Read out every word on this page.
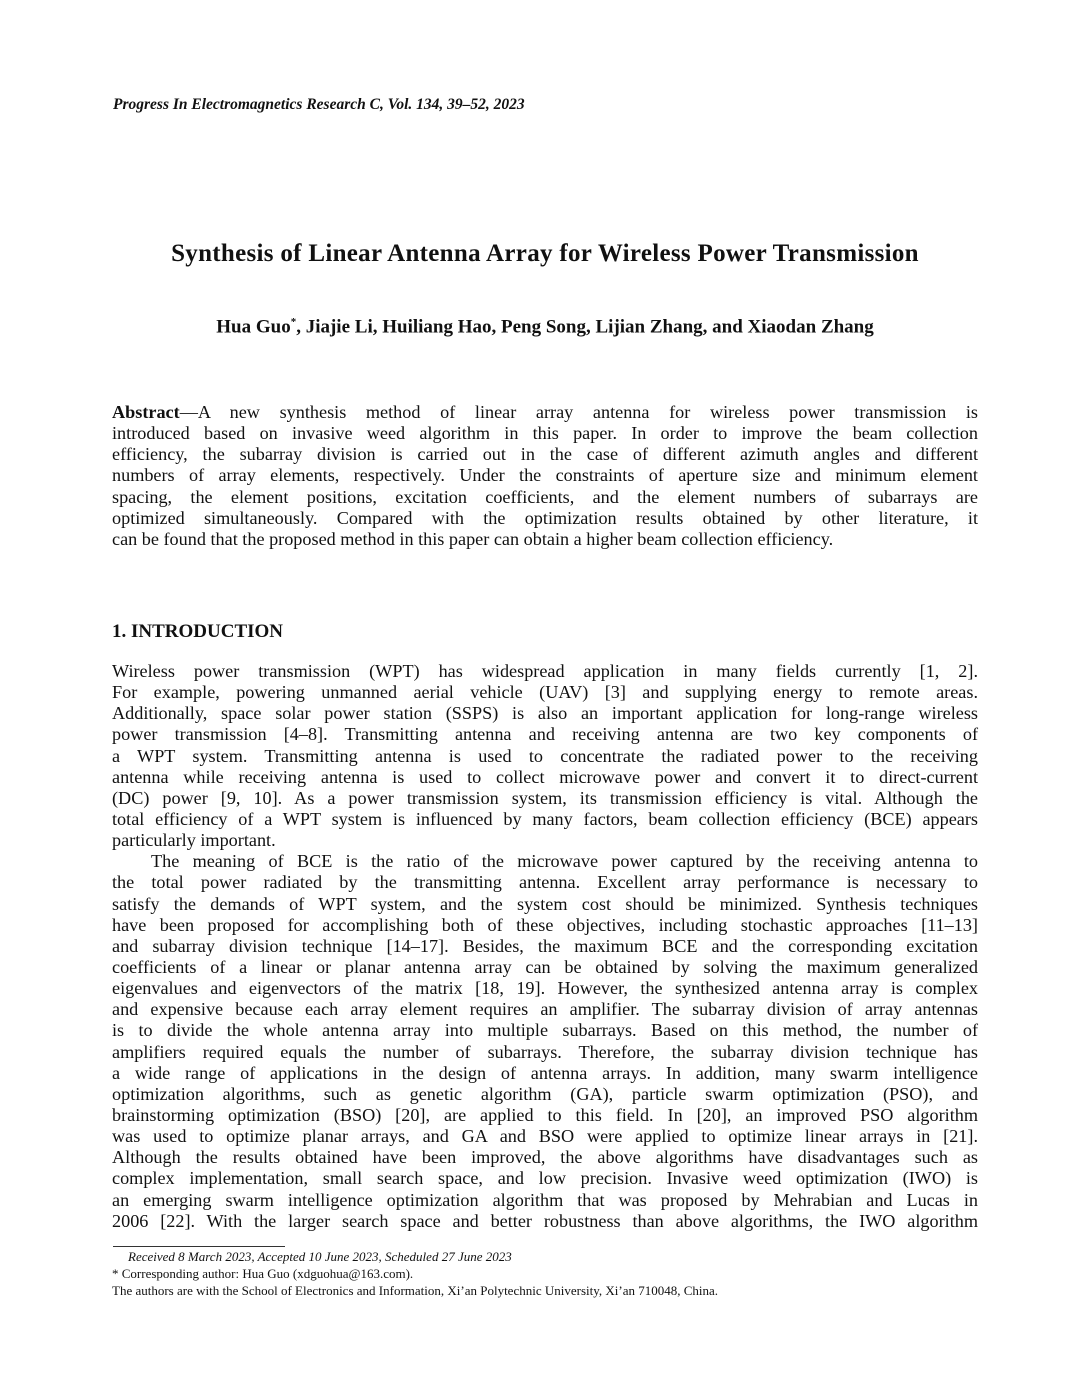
Progress In Electromagnetics Research C, Vol. 134, 39–52, 2023
Synthesis of Linear Antenna Array for Wireless Power Transmission
Hua Guo*, Jiajie Li, Huiliang Hao, Peng Song, Lijian Zhang, and Xiaodan Zhang
Abstract—A new synthesis method of linear array antenna for wireless power transmission is
introduced based on invasive weed algorithm in this paper. In order to improve the beam collection
efficiency, the subarray division is carried out in the case of different azimuth angles and different
numbers of array elements, respectively. Under the constraints of aperture size and minimum element
spacing, the element positions, excitation coefficients, and the element numbers of subarrays are
optimized simultaneously. Compared with the optimization results obtained by other literature, it
can be found that the proposed method in this paper can obtain a higher beam collection efficiency.
1. INTRODUCTION
Wireless power transmission (WPT) has widespread application in many fields currently [1, 2].
For example, powering unmanned aerial vehicle (UAV) [3] and supplying energy to remote areas.
Additionally, space solar power station (SSPS) is also an important application for long-range wireless
power transmission [4–8]. Transmitting antenna and receiving antenna are two key components of
a WPT system. Transmitting antenna is used to concentrate the radiated power to the receiving
antenna while receiving antenna is used to collect microwave power and convert it to direct-current
(DC) power [9, 10]. As a power transmission system, its transmission efficiency is vital. Although the
total efficiency of a WPT system is influenced by many factors, beam collection efficiency (BCE) appears
particularly important.
The meaning of BCE is the ratio of the microwave power captured by the receiving antenna to
the total power radiated by the transmitting antenna. Excellent array performance is necessary to
satisfy the demands of WPT system, and the system cost should be minimized. Synthesis techniques
have been proposed for accomplishing both of these objectives, including stochastic approaches [11–13]
and subarray division technique [14–17]. Besides, the maximum BCE and the corresponding excitation
coefficients of a linear or planar antenna array can be obtained by solving the maximum generalized
eigenvalues and eigenvectors of the matrix [18, 19]. However, the synthesized antenna array is complex
and expensive because each array element requires an amplifier. The subarray division of array antennas
is to divide the whole antenna array into multiple subarrays. Based on this method, the number of
amplifiers required equals the number of subarrays. Therefore, the subarray division technique has
a wide range of applications in the design of antenna arrays. In addition, many swarm intelligence
optimization algorithms, such as genetic algorithm (GA), particle swarm optimization (PSO), and
brainstorming optimization (BSO) [20], are applied to this field. In [20], an improved PSO algorithm
was used to optimize planar arrays, and GA and BSO were applied to optimize linear arrays in [21].
Although the results obtained have been improved, the above algorithms have disadvantages such as
complex implementation, small search space, and low precision. Invasive weed optimization (IWO) is
an emerging swarm intelligence optimization algorithm that was proposed by Mehrabian and Lucas in
2006 [22]. With the larger search space and better robustness than above algorithms, the IWO algorithm
Received 8 March 2023, Accepted 10 June 2023, Scheduled 27 June 2023
* Corresponding author: Hua Guo (xdguohua@163.com).
The authors are with the School of Electronics and Information, Xi’an Polytechnic University, Xi’an 710048, China.
